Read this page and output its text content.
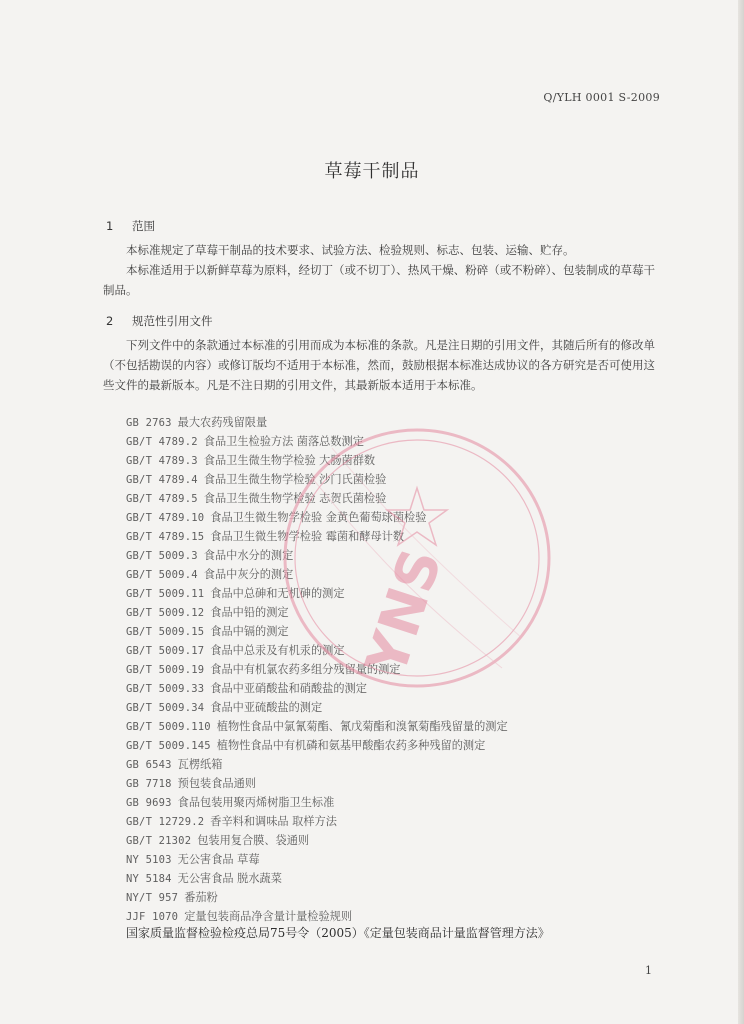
Q/YLH 0001 S-2009
草莓干制品
1 范围
本标准规定了草莓干制品的技术要求、试验方法、检验规则、标志、包装、运输、贮存。
本标准适用于以新鲜草莓为原料，经切丁（或不切丁）、热风干燥、粉碎（或不粉碎）、包装制成的草莓干制品。
2 规范性引用文件
下列文件中的条款通过本标准的引用而成为本标准的条款。凡是注日期的引用文件，其随后所有的修改单（不包括勘误的内容）或修订版均不适用于本标准，然而，鼓励根据本标准达成协议的各方研究是否可使用这些文件的最新版本。凡是不注日期的引用文件，其最新版本适用于本标准。
GB 2763 最大农药残留限量
GB/T 4789.2 食品卫生检验方法 菌落总数测定
GB/T 4789.3 食品卫生微生物学检验 大肠菌群数
GB/T 4789.4 食品卫生微生物学检验 沙门氏菌检验
GB/T 4789.5 食品卫生微生物学检验 志贺氏菌检验
GB/T 4789.10 食品卫生微生物学检验 金黄色葡萄球菌检验
GB/T 4789.15 食品卫生微生物学检验 霉菌和酵母计数
GB/T 5009.3 食品中水分的测定
GB/T 5009.4 食品中灰分的测定
GB/T 5009.11 食品中总砷和无机砷的测定
GB/T 5009.12 食品中铅的测定
GB/T 5009.15 食品中镉的测定
GB/T 5009.17 食品中总汞及有机汞的测定
GB/T 5009.19 食品中有机氯农药多组分残留量的测定
GB/T 5009.33 食品中亚硝酸盐和硝酸盐的测定
GB/T 5009.34 食品中亚硫酸盐的测定
GB/T 5009.110 植物性食品中氯氰菊酯、氰戊菊酯和溴氰菊酯残留量的测定
GB/T 5009.145 植物性食品中有机磷和氨基甲酸酯农药多种残留的测定
GB 6543 瓦楞纸箱
GB 7718 预包装食品通则
GB 9693 食品包装用聚丙烯树脂卫生标准
GB/T 12729.2 香辛料和调味品 取样方法
GB/T 21302 包装用复合膜、袋通则
NY 5103 无公害食品 草莓
NY 5184 无公害食品 脱水蔬菜
NY/T 957 番茄粉
JJF 1070 定量包装商品净含量计量检验规则
国家质量监督检验检疫总局75号令（2005）《定量包装商品计量监督管理方法》
1
YNS
